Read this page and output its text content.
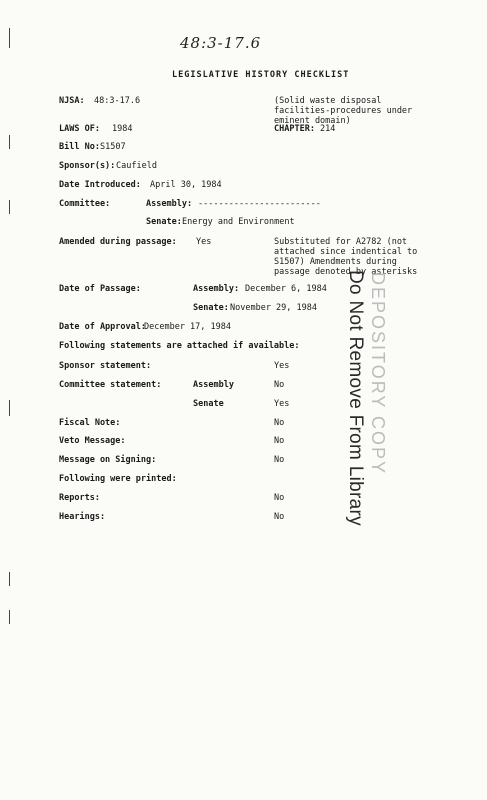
48:3-17.6
LEGISLATIVE HISTORY CHECKLIST
NJSA: 48:3-17.6	(Solid waste disposal facilities-procedures under eminent domain)
LAWS OF: 1984	CHAPTER: 214
Bill No: S1507
Sponsor(s): Caufield
Date Introduced: April 30, 1984
Committee:	Assembly: ------------------------
Senate: Energy and Environment
Amended during passage: Yes	Substituted for A2782 (not attached since indentical to S1507) Amendments during passage denoted by asterisks
Date of Passage:	Assembly: December 6, 1984
Senate: November 29, 1984
Date of Approval:
December 17, 1984
Following statements are attached if available:
Sponsor statement:	Yes
Committee statement:	Assembly	No
Senate	Yes
Fiscal Note:	No
Veto Message:	No
Message on Signing:	No
Following were printed:
Reports:	No
Hearings:	No
DEPOSITORY COPY
Do Not Remove From Library
